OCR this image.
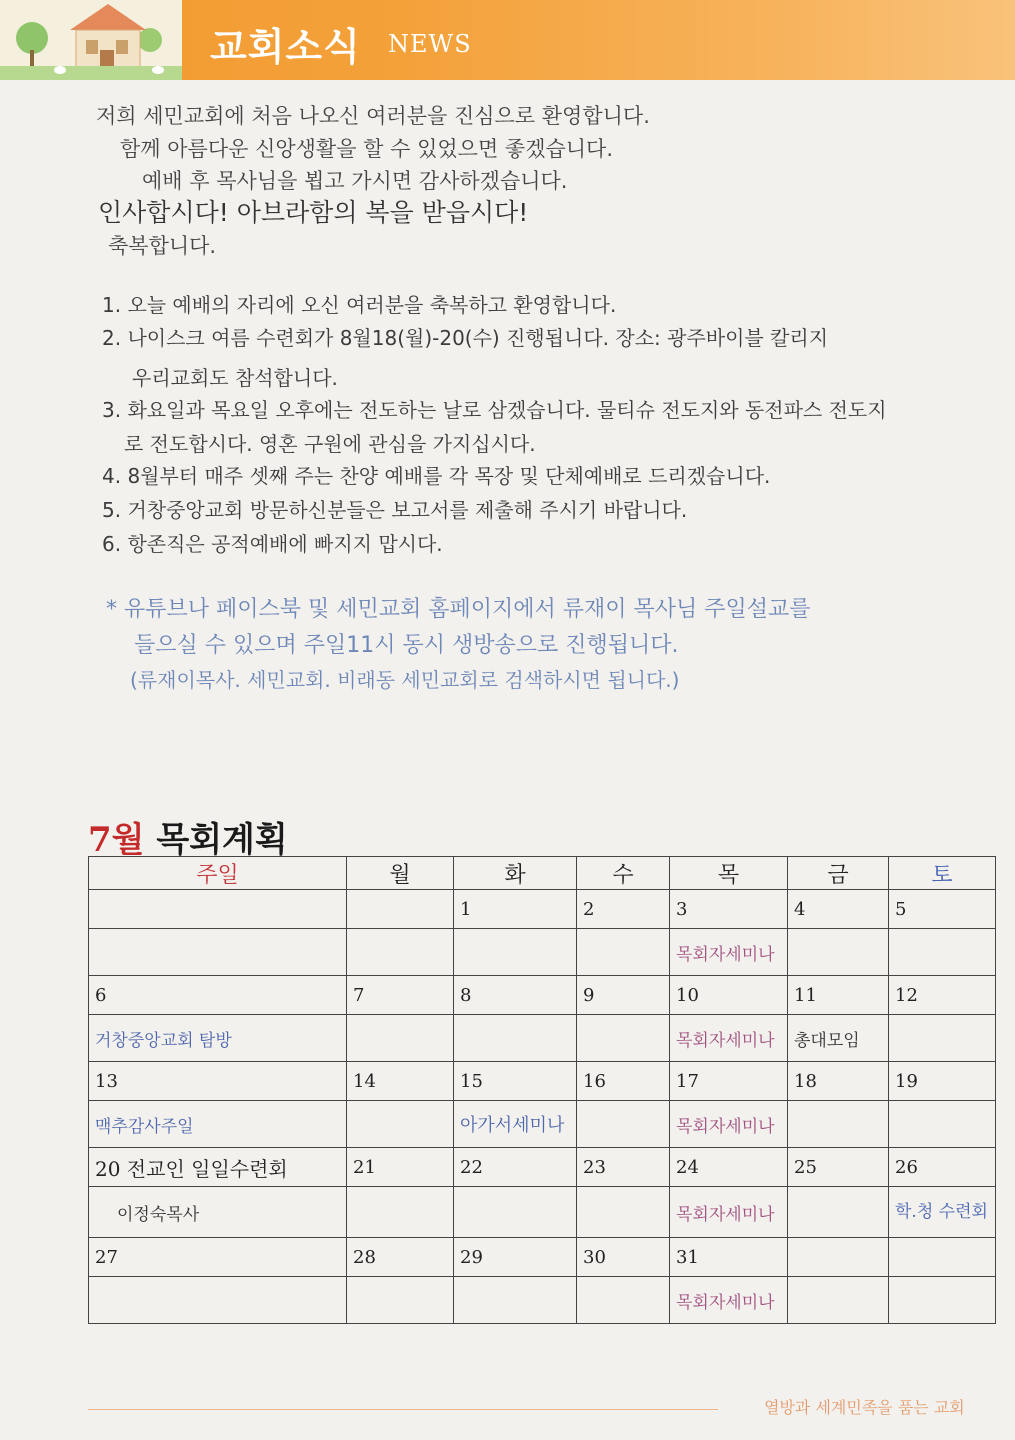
교회소식 NEWS
저희 세민교회에 처음 나오신 여러분을 진심으로 환영합니다.
함께 아름다운 신앙생활을 할 수 있었으면 좋겠습니다.
예배 후 목사님을 뵙고 가시면 감사하겠습니다.
인사합시다! 아브라함의 복을 받읍시다!
축복합니다.
1. 오늘 예배의 자리에 오신 여러분을 축복하고 환영합니다.
2. 나이스크 여름 수련회가 8월18(월)-20(수) 진행됩니다. 장소: 광주바이블 칼리지
우리교회도 참석합니다.
3. 화요일과 목요일 오후에는 전도하는 날로 삼겠습니다. 물티슈 전도지와 동전파스 전도지
로 전도합시다. 영혼 구원에 관심을 가지십시다.
4. 8월부터 매주 셋째 주는 찬양 예배를 각 목장 및 단체예배로 드리겠습니다.
5. 거창중앙교회 방문하신분들은 보고서를 제출해 주시기 바랍니다.
6. 항존직은 공적예배에 빠지지 맙시다.
* 유튜브나 페이스북 및 세민교회 홈페이지에서 류재이 목사님 주일설교를
들으실 수 있으며 주일11시 동시 생방송으로 진행됩니다.
(류재이목사. 세민교회. 비래동 세민교회로 검색하시면 됩니다.)
7월 목회계획
주일	월	화	수	목	금	토
		1	2	3	4	5
				목회자세미나		
6	7	8	9	10	11	12
거창중앙교회 탐방				목회자세미나	총대모임	
13	14	15	16	17	18	19
맥추감사주일		아가서세미나		목회자세미나		
20 전교인 일일수련회	21	22	23	24	25	26
이정숙목사				목회자세미나		학.청 수련회
27	28	29	30	31		
				목회자세미나		
열방과 세계민족을 품는 교회
